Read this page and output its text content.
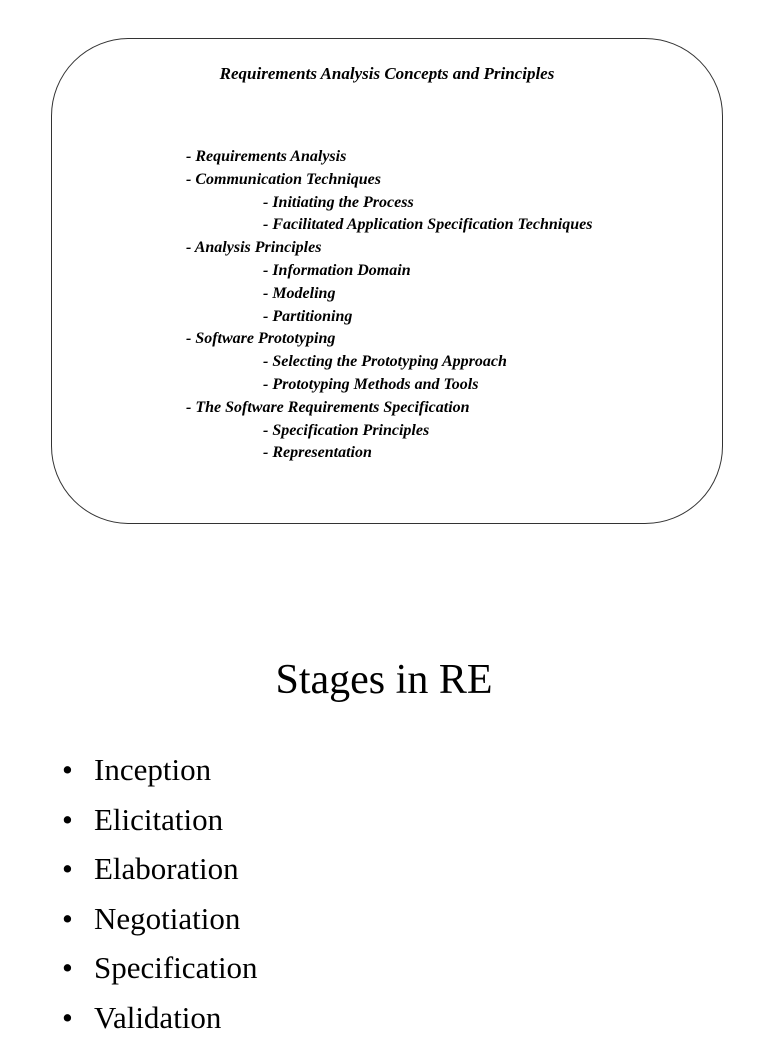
Requirements Analysis Concepts and Principles
- Requirements Analysis
- Communication Techniques
- Initiating the Process
- Facilitated Application Specification Techniques
- Analysis Principles
- Information Domain
- Modeling
- Partitioning
- Software Prototyping
- Selecting the Prototyping Approach
- Prototyping Methods and Tools
- The Software Requirements Specification
- Specification Principles
- Representation
Stages in RE
• Inception
• Elicitation
• Elaboration
• Negotiation
• Specification
• Validation
